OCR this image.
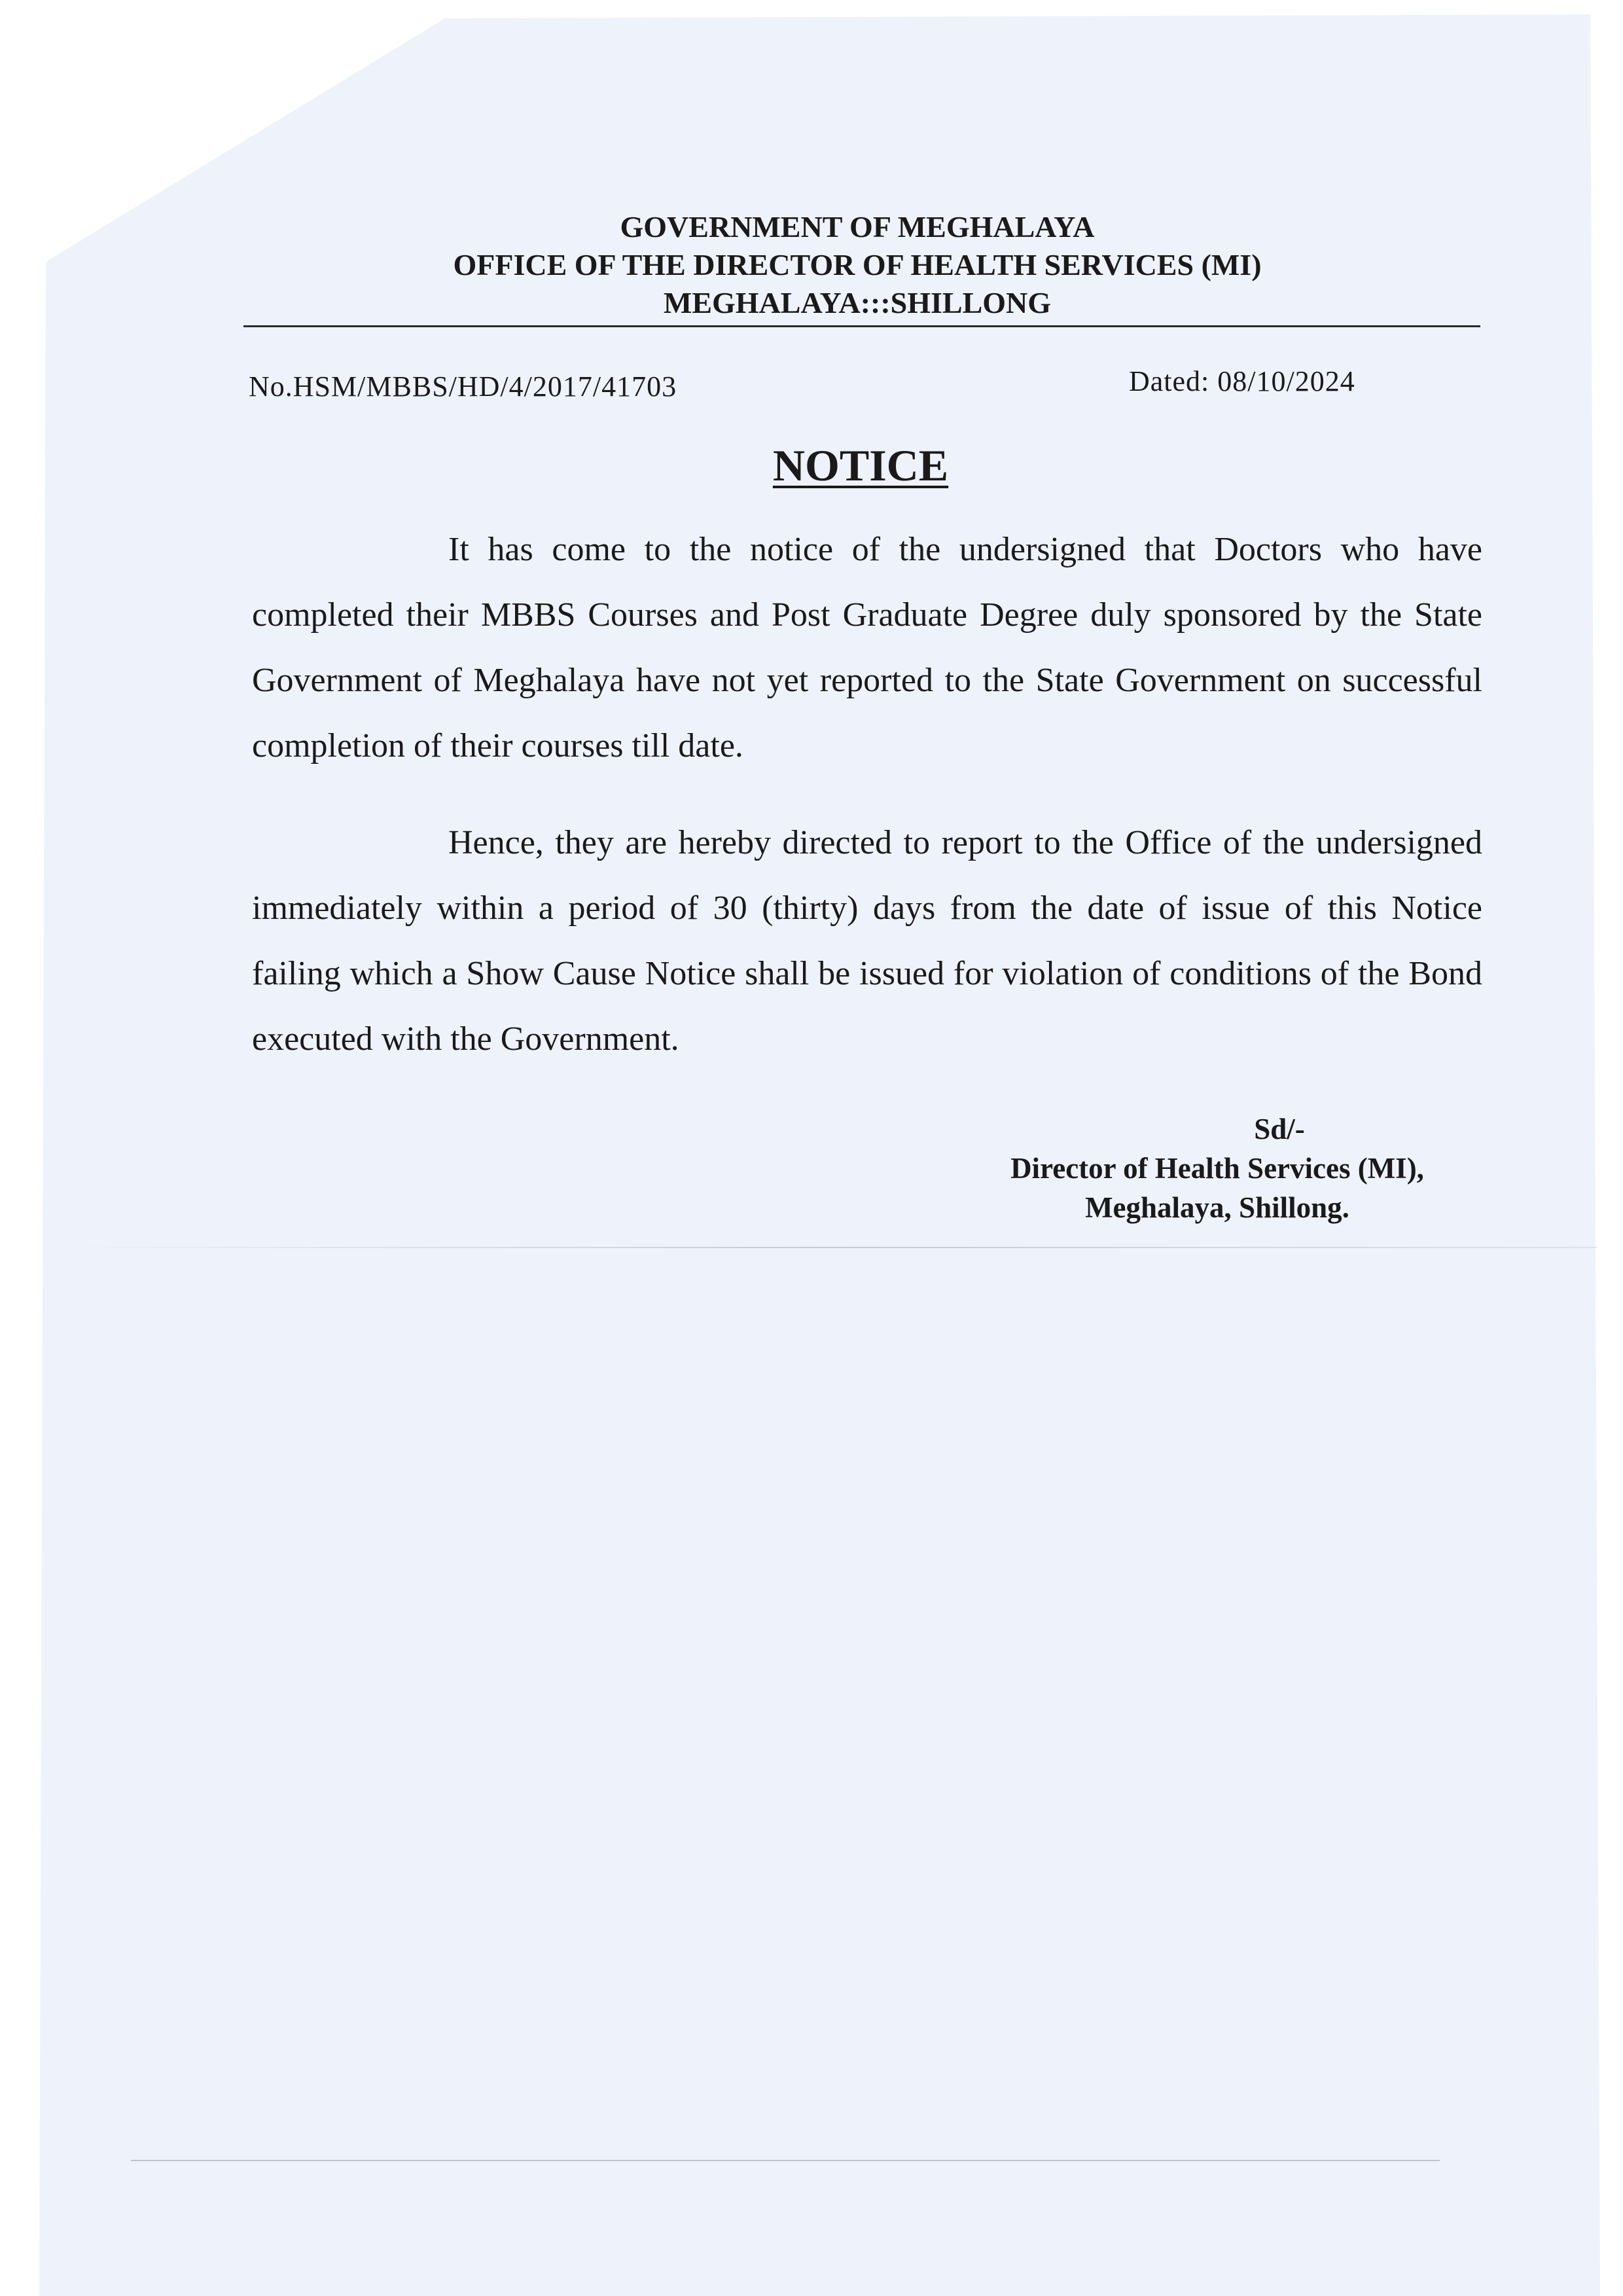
GOVERNMENT OF MEGHALAYA
OFFICE OF THE DIRECTOR OF HEALTH SERVICES (MI)
MEGHALAYA:::SHILLONG
No.HSM/MBBS/HD/4/2017/41703	Dated: 08/10/2024
NOTICE

It has come to the notice of the undersigned that Doctors who have completed their MBBS Courses and Post Graduate Degree duly sponsored by the State Government of Meghalaya have not yet reported to the State Government on successful completion of their courses till date.

Hence, they are hereby directed to report to the Office of the undersigned immediately within a period of 30 (thirty) days from the date of issue of this Notice failing which a Show Cause Notice shall be issued for violation of conditions of the Bond executed with the Government.

Sd/-
Director of Health Services (MI),
Meghalaya, Shillong.
